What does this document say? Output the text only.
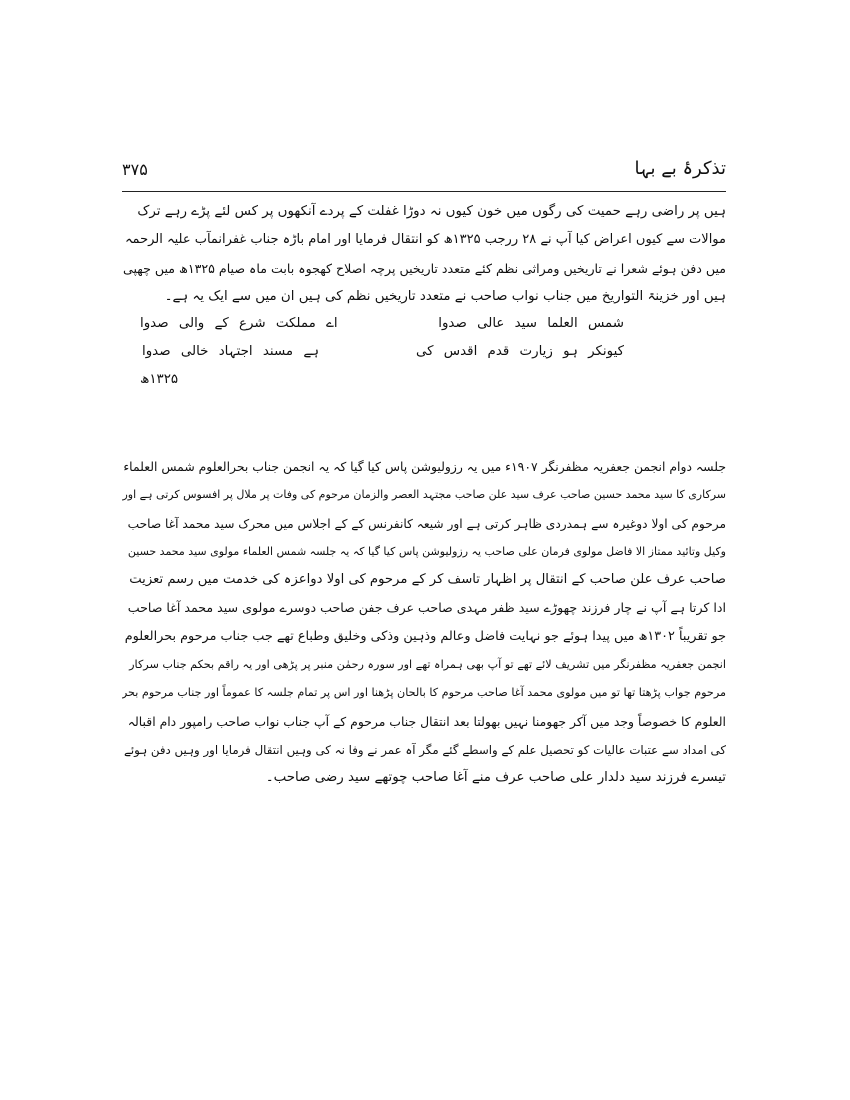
تذکرۂ بے بہا
۳۷۵
ہیں پر راضی رہے حمیت کی رگوں میں خون کیوں نہ دوڑا غفلت کے پردے آنکھوں پر کس لئے پڑے رہے ترک
موالات سے کیوں اعراض کیا آپ نے ۲۸ ررجب ۱۳۲۵ھ کو انتقال فرمایا اور امام باڑہ جناب غفرانمآب علیہ الرحمہ
میں دفن ہوئے شعرا نے تاریخیں ومراثی نظم کئے متعدد تاریخیں پرچہ اصلاح کھجوہ بابت ماہ صیام ۱۳۲۵ھ میں چھپی
ہیں اور خزینۃ التواریخ میں جناب نواب صاحب نے متعدد تاریخیں نظم کی ہیں ان میں سے ایک یہ ہے۔
شمس العلما سید عالی صدوا
اے مملکت شرع کے والی صدوا
کیونکر ہو زیارت قدم اقدس کی
ہے مسند اجتہاد خالی صدوا
۱۳۲۵ھ
جلسہ دوام انجمن جعفریہ مظفرنگر ۱۹۰۷ء میں یہ رزولیوشن پاس کیا گیا کہ یہ انجمن جناب بحرالعلوم شمس العلماء
سرکاری کا سید محمد حسین صاحب عرف سید علن صاحب مجتہد العصر والزمان مرحوم کی وفات پر ملال پر افسوس کرتی ہے اور
مرحوم کی اولا دوغیرہ سے ہمدردی ظاہر کرتی ہے اور شیعہ کانفرنس کے کے اجلاس میں محرک سید محمد آغا صاحب
وکیل وتائید ممتاز الا فاضل مولوی فرمان علی صاحب یہ رزولیوشن پاس کیا گیا کہ یہ جلسہ شمس العلماء مولوی سید محمد حسین
صاحب عرف علن صاحب کے انتقال پر اظہار تاسف کر کے مرحوم کی اولا دواعزہ کی خدمت میں رسم تعزیت
ادا کرتا ہے آپ نے چار فرزند چھوڑے سید ظفر مہدی صاحب عرف جفن صاحب دوسرے مولوی سید محمد آغا صاحب
جو تقریباً ۱۳۰۲ھ میں پیدا ہوئے جو نہایت فاضل وعالم وذہین وذکی وخلیق وطباع تھے جب جناب مرحوم بحرالعلوم
انجمن جعفریہ مظفرنگر میں تشریف لائے تھے تو آپ بھی ہمراہ تھے اور سورہ رحمٰن منبر پر پڑھی اور یہ راقم بحکم جناب سرکار
مرحوم جواب پڑھتا تھا تو میں مولوی محمد آغا صاحب مرحوم کا بالحان پڑھنا اور اس پر تمام جلسہ کا عموماً اور جناب مرحوم بحر
العلوم کا خصوصاً وجد میں آکر جھومنا نہیں بھولتا بعد انتقال جناب مرحوم کے آپ جناب نواب صاحب رامپور دام اقبالہ
کی امداد سے عتبات عالیات کو تحصیل علم کے واسطے گئے مگر آہ عمر نے وفا نہ کی وہیں انتقال فرمایا اور وہیں دفن ہوئے
تیسرے فرزند سید دلدار علی صاحب عرف منے آغا صاحب چوتھے سید رضی صاحب۔
